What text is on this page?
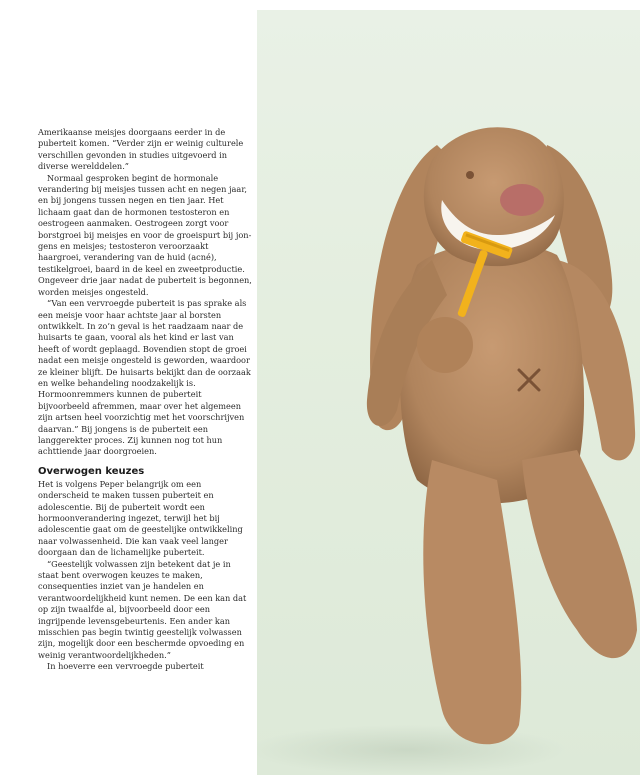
Amerikaanse meisjes doorgaans eerder in de puberteit komen. “Verder zijn er weinig culturele verschillen gevonden in studies uitgevoerd in diverse werelddelen.”

Normaal gesproken begint de hormonale verandering bij meisjes tussen acht en negen jaar, en bij jongens tussen negen en tien jaar. Het lichaam gaat dan de hormonen testosteron en oestrogeen aanmaken. Oestrogeen zorgt voor borstgroei bij meisjes en voor de groeispurt bij jongens en meisjes; testosteron veroorzaakt haargroei, verandering van de huid (acné), testikelgroei, baard in de keel en zweetproductie. Ongeveer drie jaar nadat de puberteit is begonnen, worden meisjes ongesteld.

“Van een vervroegde puberteit is pas sprake als een meisje voor haar achtste jaar al borsten ontwikkelt. In zo’n geval is het raadzaam naar de huisarts te gaan, vooral als het kind er last van heeft of wordt geplaagd. Bovendien stopt de groei nadat een meisje ongesteld is geworden, waardoor ze kleiner blijft. De huisarts bekijkt dan de oorzaak en welke behandeling noodzakelijk is. Hormoonremmers kunnen de puberteit bijvoorbeeld afremmen, maar over het algemeen zijn artsen heel voorzichtig met het voorschrijven daarvan.” Bij jongens is de puberteit een langgerekter proces. Zij kunnen nog tot hun achttiende jaar doorgroeien.

Overwogen keuzes

Het is volgens Peper belangrijk om een onderscheid te maken tussen puberteit en adolescentie. Bij de puberteit wordt een hormoonverandering ingezet, terwijl het bij adolescentie gaat om de geestelijke ontwikkeling naar volwassenheid. Die kan vaak veel langer doorgaan dan de lichamelijke puberteit.

“Geestelijk volwassen zijn betekent dat je in staat bent overwogen keuzes te maken, consequenties inziet van je handelen en verantwoordelijkheid kunt nemen. De een kan dat op zijn twaalfde al, bijvoorbeeld door een ingrijpende levensgebeurtenis. Een ander kan misschien pas begin twintig geestelijk volwassen zijn, mogelijk door een beschermde opvoeding en weinig verantwoordelijkheden.”

In hoeverre een vervroegde puberteit
